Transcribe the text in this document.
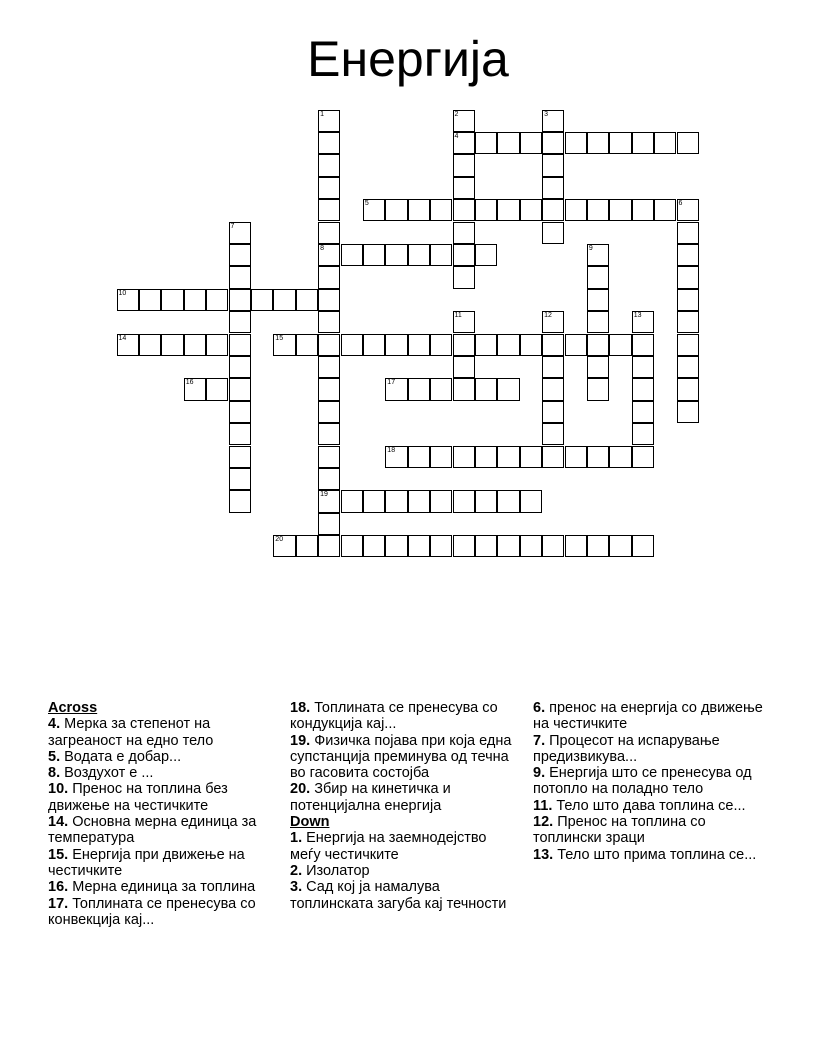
Енергија
1
8
19
2
4
3
5	6
7
9
10
11	12	13
14	15
16	17
18
20
Across
4. Мерка за степенот на загреаност на едно тело
5. Водата е добар...
8. Воздухот е ...
10. Пренос на топлина без движење на честичките
14. Основна мерна единица за температура
15. Енергија при движење на честичките
16. Мерна единица за топлина
17. Топлината се пренесува со конвекција кај...
18. Топлината се пренесува со кондукција кај...
19. Физичка појава при која една супстанција преминува од течна во гасовита состојба
20. Збир на кинетичка и потенцијална енергија
Down
1. Енергија на заемнодејство меѓу честичките
2. Изолатор
3. Сад кој ја намалува топлинската загуба кај течности
6. пренос на енергија со движење на честичките
7. Процесот на испарување предизвикува...
9. Енергија што се пренесува од потопло на поладно тело
11. Тело што дава топлина се...
12. Пренос на топлина со топлински зраци
13. Тело што прима топлина се...
